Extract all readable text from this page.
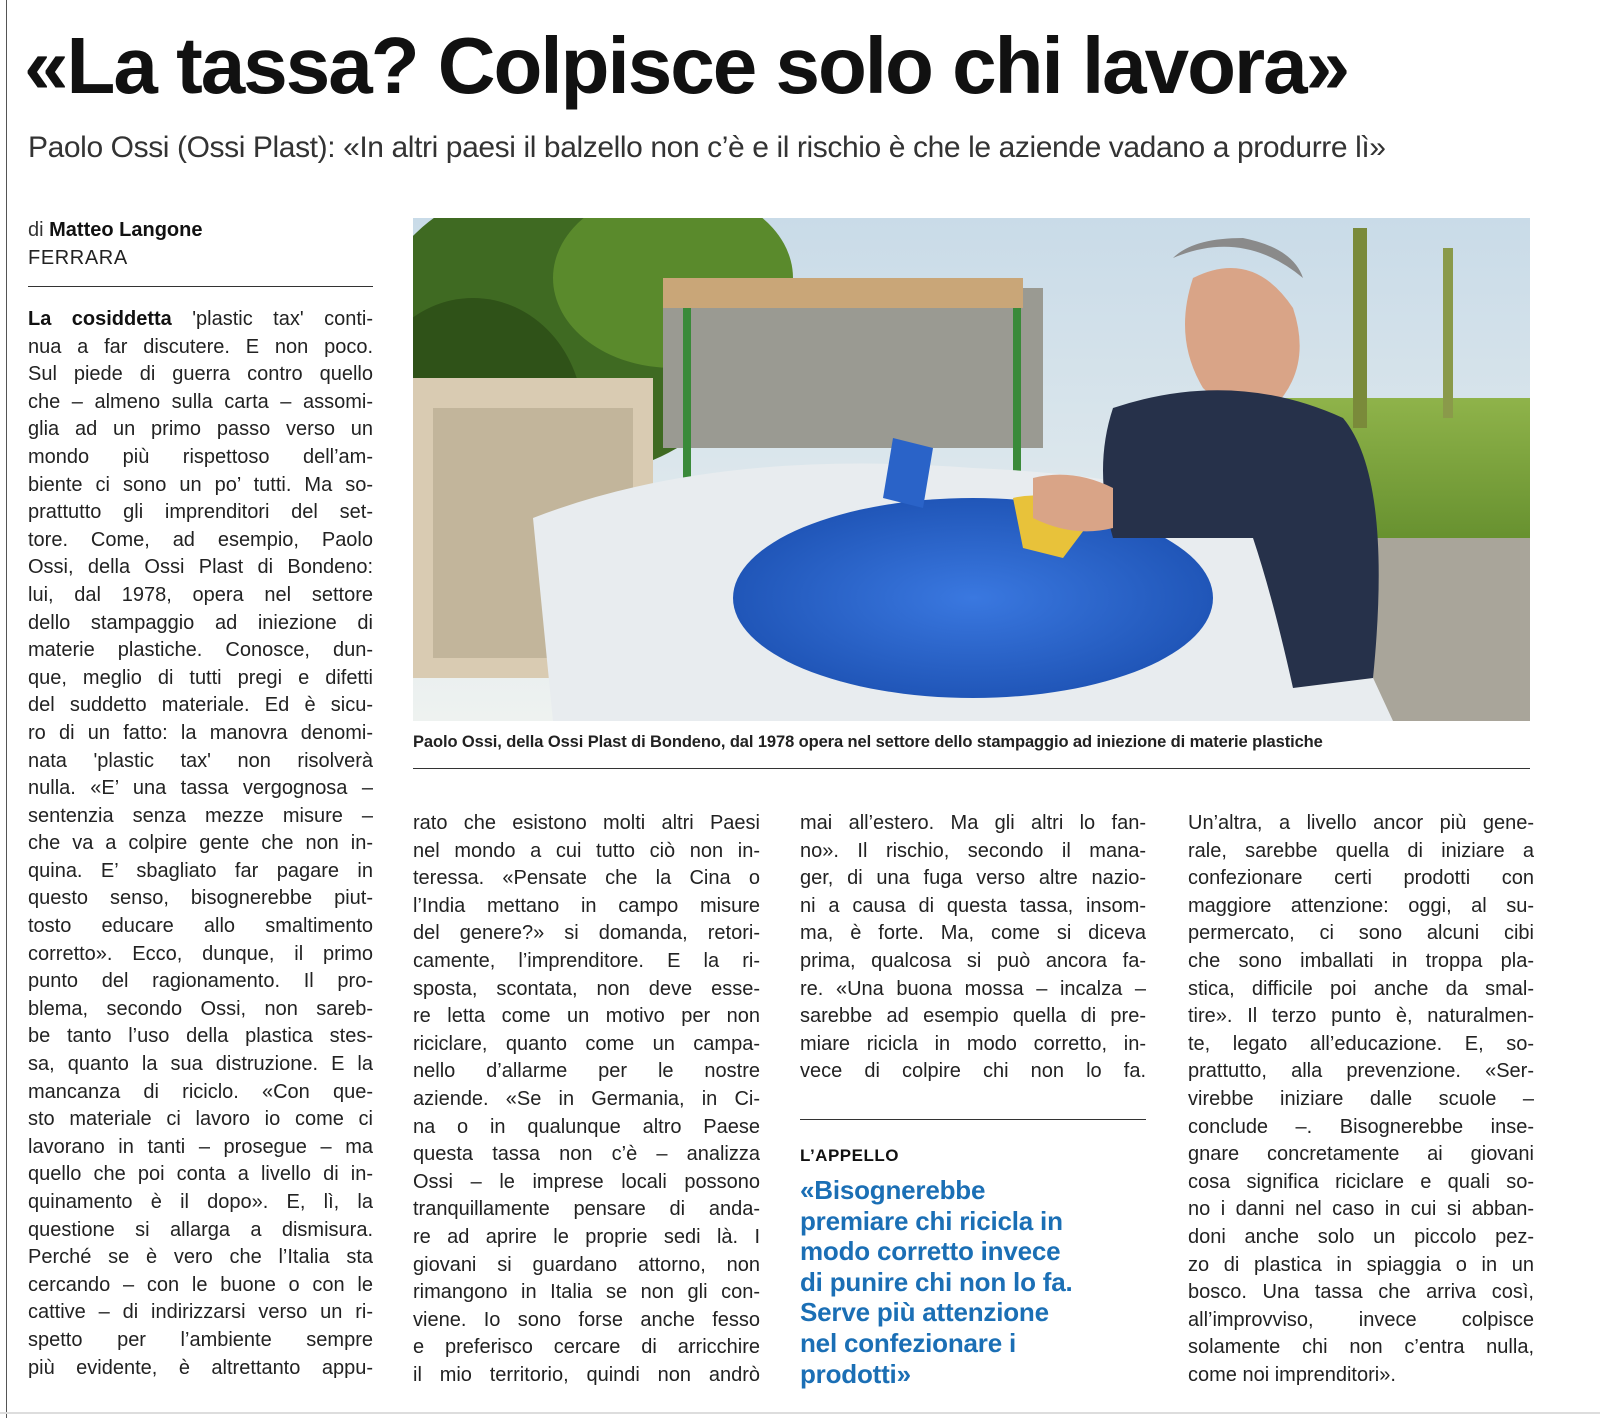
«La tassa? Colpisce solo chi lavora»
Paolo Ossi (Ossi Plast): «In altri paesi il balzello non c’è e il rischio è che le aziende vadano a produrre lì»
di Matteo Langone
FERRARA
La cosiddetta 'plastic tax' conti-
nua a far discutere. E non poco.
Sul piede di guerra contro quello
che – almeno sulla carta – assomi-
glia ad un primo passo verso un
mondo più rispettoso dell’am-
biente ci sono un po’ tutti. Ma so-
prattutto gli imprenditori del set-
tore. Come, ad esempio, Paolo
Ossi, della Ossi Plast di Bondeno:
lui, dal 1978, opera nel settore
dello stampaggio ad iniezione di
materie plastiche. Conosce, dun-
que, meglio di tutti pregi e difetti
del suddetto materiale. Ed è sicu-
ro di un fatto: la manovra denomi-
nata 'plastic tax' non risolverà
nulla. «E’ una tassa vergognosa –
sentenzia senza mezze misure –
che va a colpire gente che non in-
quina. E’ sbagliato far pagare in
questo senso, bisognerebbe piut-
tosto educare allo smaltimento
corretto». Ecco, dunque, il primo
punto del ragionamento. Il pro-
blema, secondo Ossi, non sareb-
be tanto l’uso della plastica stes-
sa, quanto la sua distruzione. E la
mancanza di riciclo. «Con que-
sto materiale ci lavoro io come ci
lavorano in tanti – prosegue – ma
quello che poi conta a livello di in-
quinamento è il dopo». E, lì, la
questione si allarga a dismisura.
Perché se è vero che l’Italia sta
cercando – con le buone o con le
cattive – di indirizzarsi verso un ri-
spetto per l’ambiente sempre
più evidente, è altrettanto appu-
Paolo Ossi, della Ossi Plast di Bondeno, dal 1978 opera nel settore dello stampaggio ad iniezione di materie plastiche
rato che esistono molti altri Paesi
nel mondo a cui tutto ciò non in-
teressa. «Pensate che la Cina o
l’India mettano in campo misure
del genere?» si domanda, retori-
camente, l’imprenditore. E la ri-
sposta, scontata, non deve esse-
re letta come un motivo per non
riciclare, quanto come un campa-
nello d’allarme per le nostre
aziende. «Se in Germania, in Ci-
na o in qualunque altro Paese
questa tassa non c’è – analizza
Ossi – le imprese locali possono
tranquillamente pensare di anda-
re ad aprire le proprie sedi là. I
giovani si guardano attorno, non
rimangono in Italia se non gli con-
viene. Io sono forse anche fesso
e preferisco cercare di arricchire
il mio territorio, quindi non andrò
mai all’estero. Ma gli altri lo fan-
no». Il rischio, secondo il mana-
ger, di una fuga verso altre nazio-
ni a causa di questa tassa, insom-
ma, è forte. Ma, come si diceva
prima, qualcosa si può ancora fa-
re. «Una buona mossa – incalza –
sarebbe ad esempio quella di pre-
miare ricicla in modo corretto, in-
vece di colpire chi non lo fa.
L’APPELLO
«Bisognerebbe
premiare chi ricicla in
modo corretto invece
di punire chi non lo fa.
Serve più attenzione
nel confezionare i
prodotti»
Un’altra, a livello ancor più gene-
rale, sarebbe quella di iniziare a
confezionare certi prodotti con
maggiore attenzione: oggi, al su-
permercato, ci sono alcuni cibi
che sono imballati in troppa pla-
stica, difficile poi anche da smal-
tire». Il terzo punto è, naturalmen-
te, legato all’educazione. E, so-
prattutto, alla prevenzione. «Ser-
virebbe iniziare dalle scuole –
conclude –. Bisognerebbe inse-
gnare concretamente ai giovani
cosa significa riciclare e quali so-
no i danni nel caso in cui si abban-
doni anche solo un piccolo pez-
zo di plastica in spiaggia o in un
bosco. Una tassa che arriva così,
all’improvviso, invece colpisce
solamente chi non c’entra nulla,
come noi imprenditori».
